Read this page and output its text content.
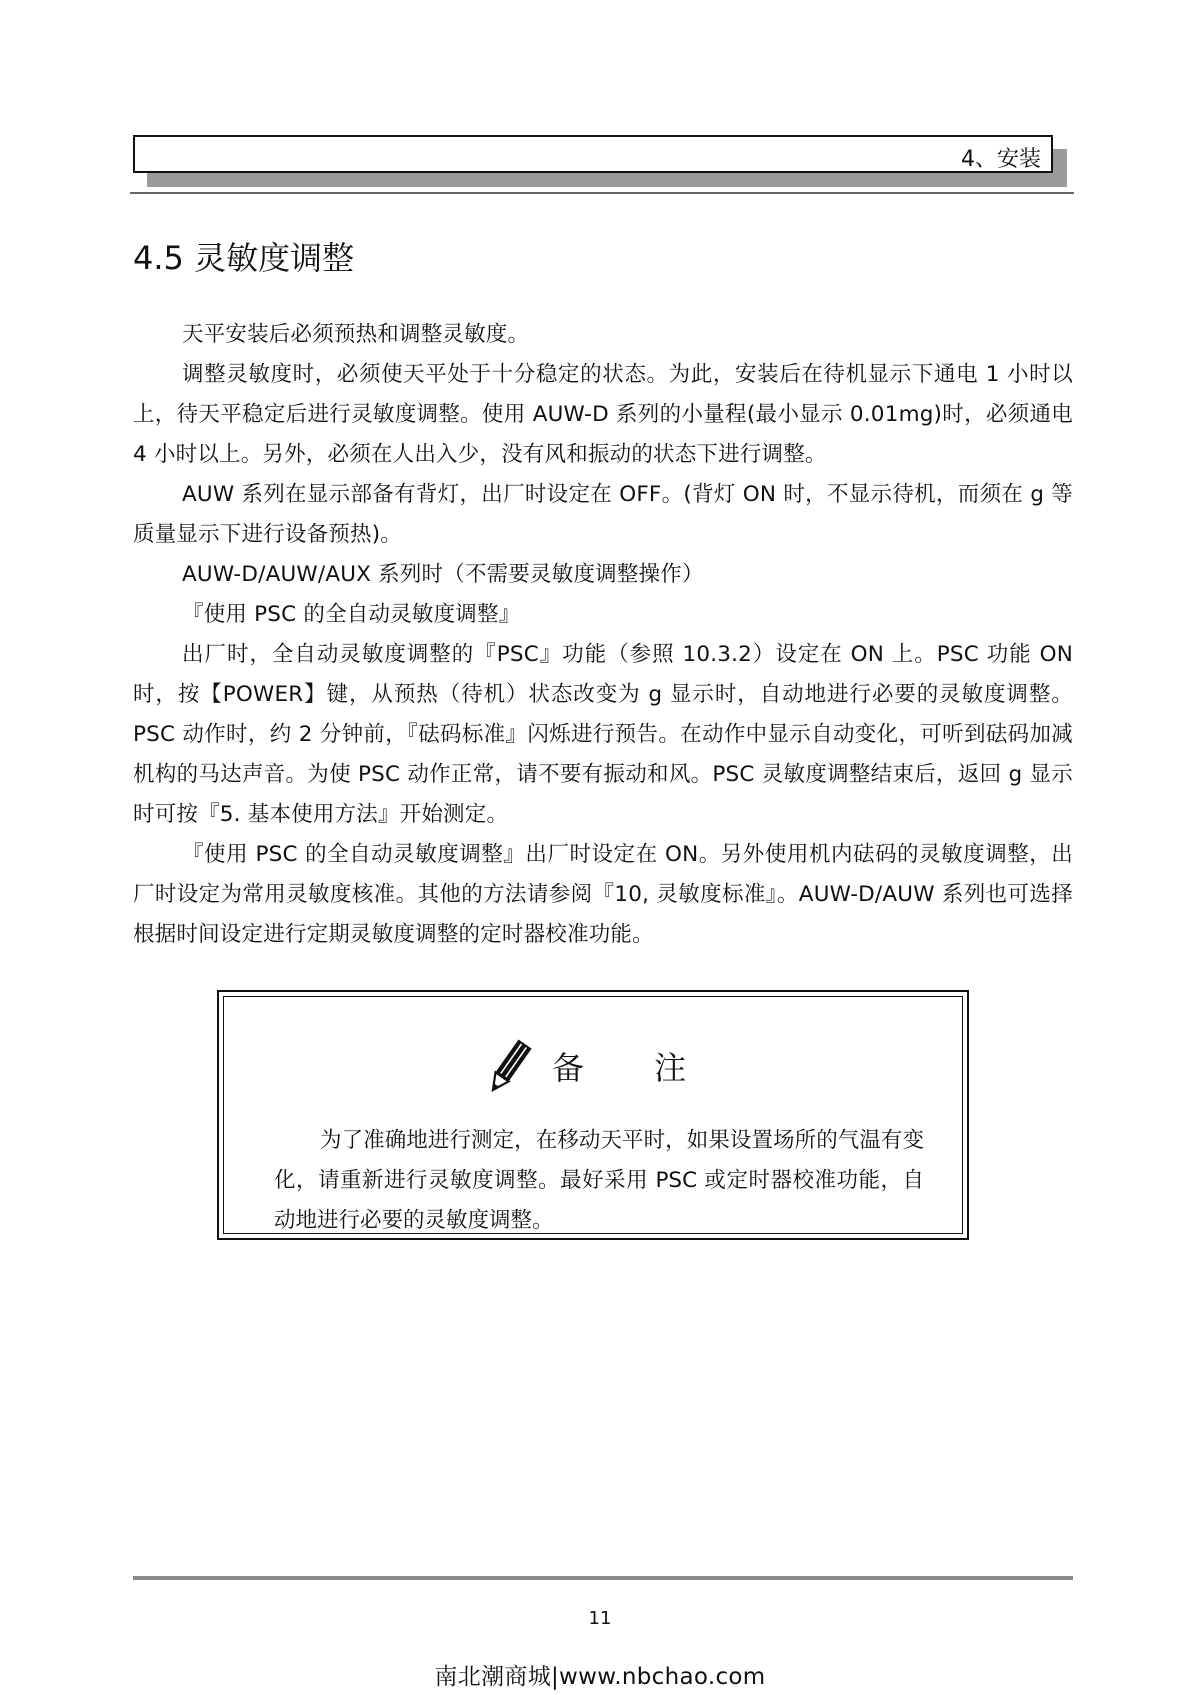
4、安装
4.5 灵敏度调整

天平安装后必须预热和调整灵敏度。

调整灵敏度时，必须使天平处于十分稳定的状态。为此，安装后在待机显示下通电 1 小时以上，待天平稳定后进行灵敏度调整。使用 AUW-D 系列的小量程(最小显示 0.01mg)时，必须通电 4 小时以上。另外，必须在人出入少，没有风和振动的状态下进行调整。

AUW 系列在显示部备有背灯，出厂时设定在 OFF。(背灯 ON 时，不显示待机，而须在 g 等质量显示下进行设备预热)。

AUW-D/AUW/AUX 系列时（不需要灵敏度调整操作）

『使用 PSC 的全自动灵敏度调整』

出厂时，全自动灵敏度调整的『PSC』功能（参照 10.3.2）设定在 ON 上。PSC 功能 ON 时，按【POWER】键，从预热（待机）状态改变为 g 显示时，自动地进行必要的灵敏度调整。PSC 动作时，约 2 分钟前，『砝码标准』闪烁进行预告。在动作中显示自动变化，可听到砝码加减机构的马达声音。为使 PSC 动作正常，请不要有振动和风。PSC 灵敏度调整结束后，返回 g 显示时可按『5. 基本使用方法』开始测定。

『使用 PSC 的全自动灵敏度调整』出厂时设定在 ON。另外使用机内砝码的灵敏度调整，出厂时设定为常用灵敏度核准。其他的方法请参阅『10, 灵敏度标准』。AUW-D/AUW 系列也可选择根据时间设定进行定期灵敏度调整的定时器校准功能。

备 注

为了准确地进行测定，在移动天平时，如果设置场所的气温有变化，请重新进行灵敏度调整。最好采用 PSC 或定时器校准功能，自动地进行必要的灵敏度调整。

11
南北潮商城|www.nbchao.com
